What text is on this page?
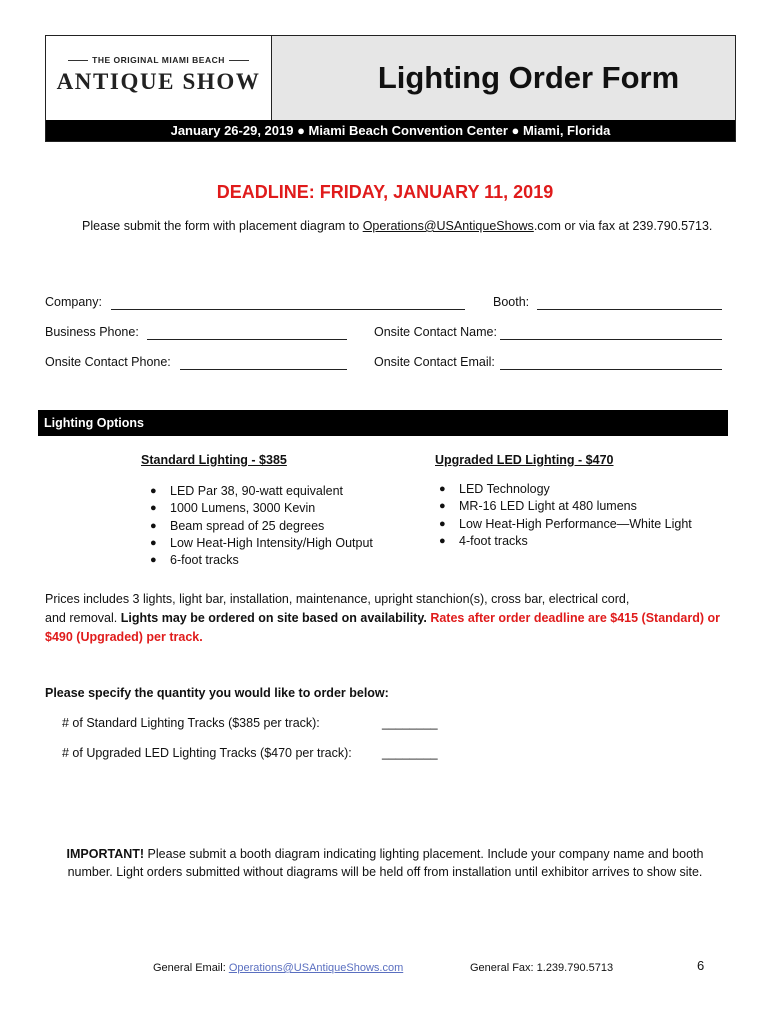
THE ORIGINAL MIAMI BEACH
ANTIQUE SHOW	Lighting Order Form
January 26-29, 2019 ● Miami Beach Convention Center ● Miami, Florida
DEADLINE: FRIDAY, JANUARY 11, 2019
Please submit the form with placement diagram to Operations@USAntiqueShows.com or via fax at 239.790.5713.
Company:	Booth:
Business Phone:	Onsite Contact Name:
Onsite Contact Phone:	Onsite Contact Email:
Lighting Options
Standard Lighting - $385
● LED Par 38, 90-watt equivalent
● 1000 Lumens, 3000 Kevin
● Beam spread of 25 degrees
● Low Heat-High Intensity/High Output
● 6-foot tracks
Upgraded LED Lighting - $470
● LED Technology
● MR-16 LED Light at 480 lumens
● Low Heat-High Performance—White Light
● 4-foot tracks
Prices includes 3 lights, light bar, installation, maintenance, upright stanchion(s), cross bar, electrical cord,
and removal. Lights may be ordered on site based on availability. Rates after order deadline are $415 (Standard) or
$490 (Upgraded) per track.
Please specify the quantity you would like to order below:
# of Standard Lighting Tracks ($385 per track):	________
# of Upgraded LED Lighting Tracks ($470 per track): ________
IMPORTANT! Please submit a booth diagram indicating lighting placement. Include your company name and booth
number. Light orders submitted without diagrams will be held off from installation until exhibitor arrives to show site.
General Email: Operations@USAntiqueShows.com	General Fax: 1.239.790.5713	6
